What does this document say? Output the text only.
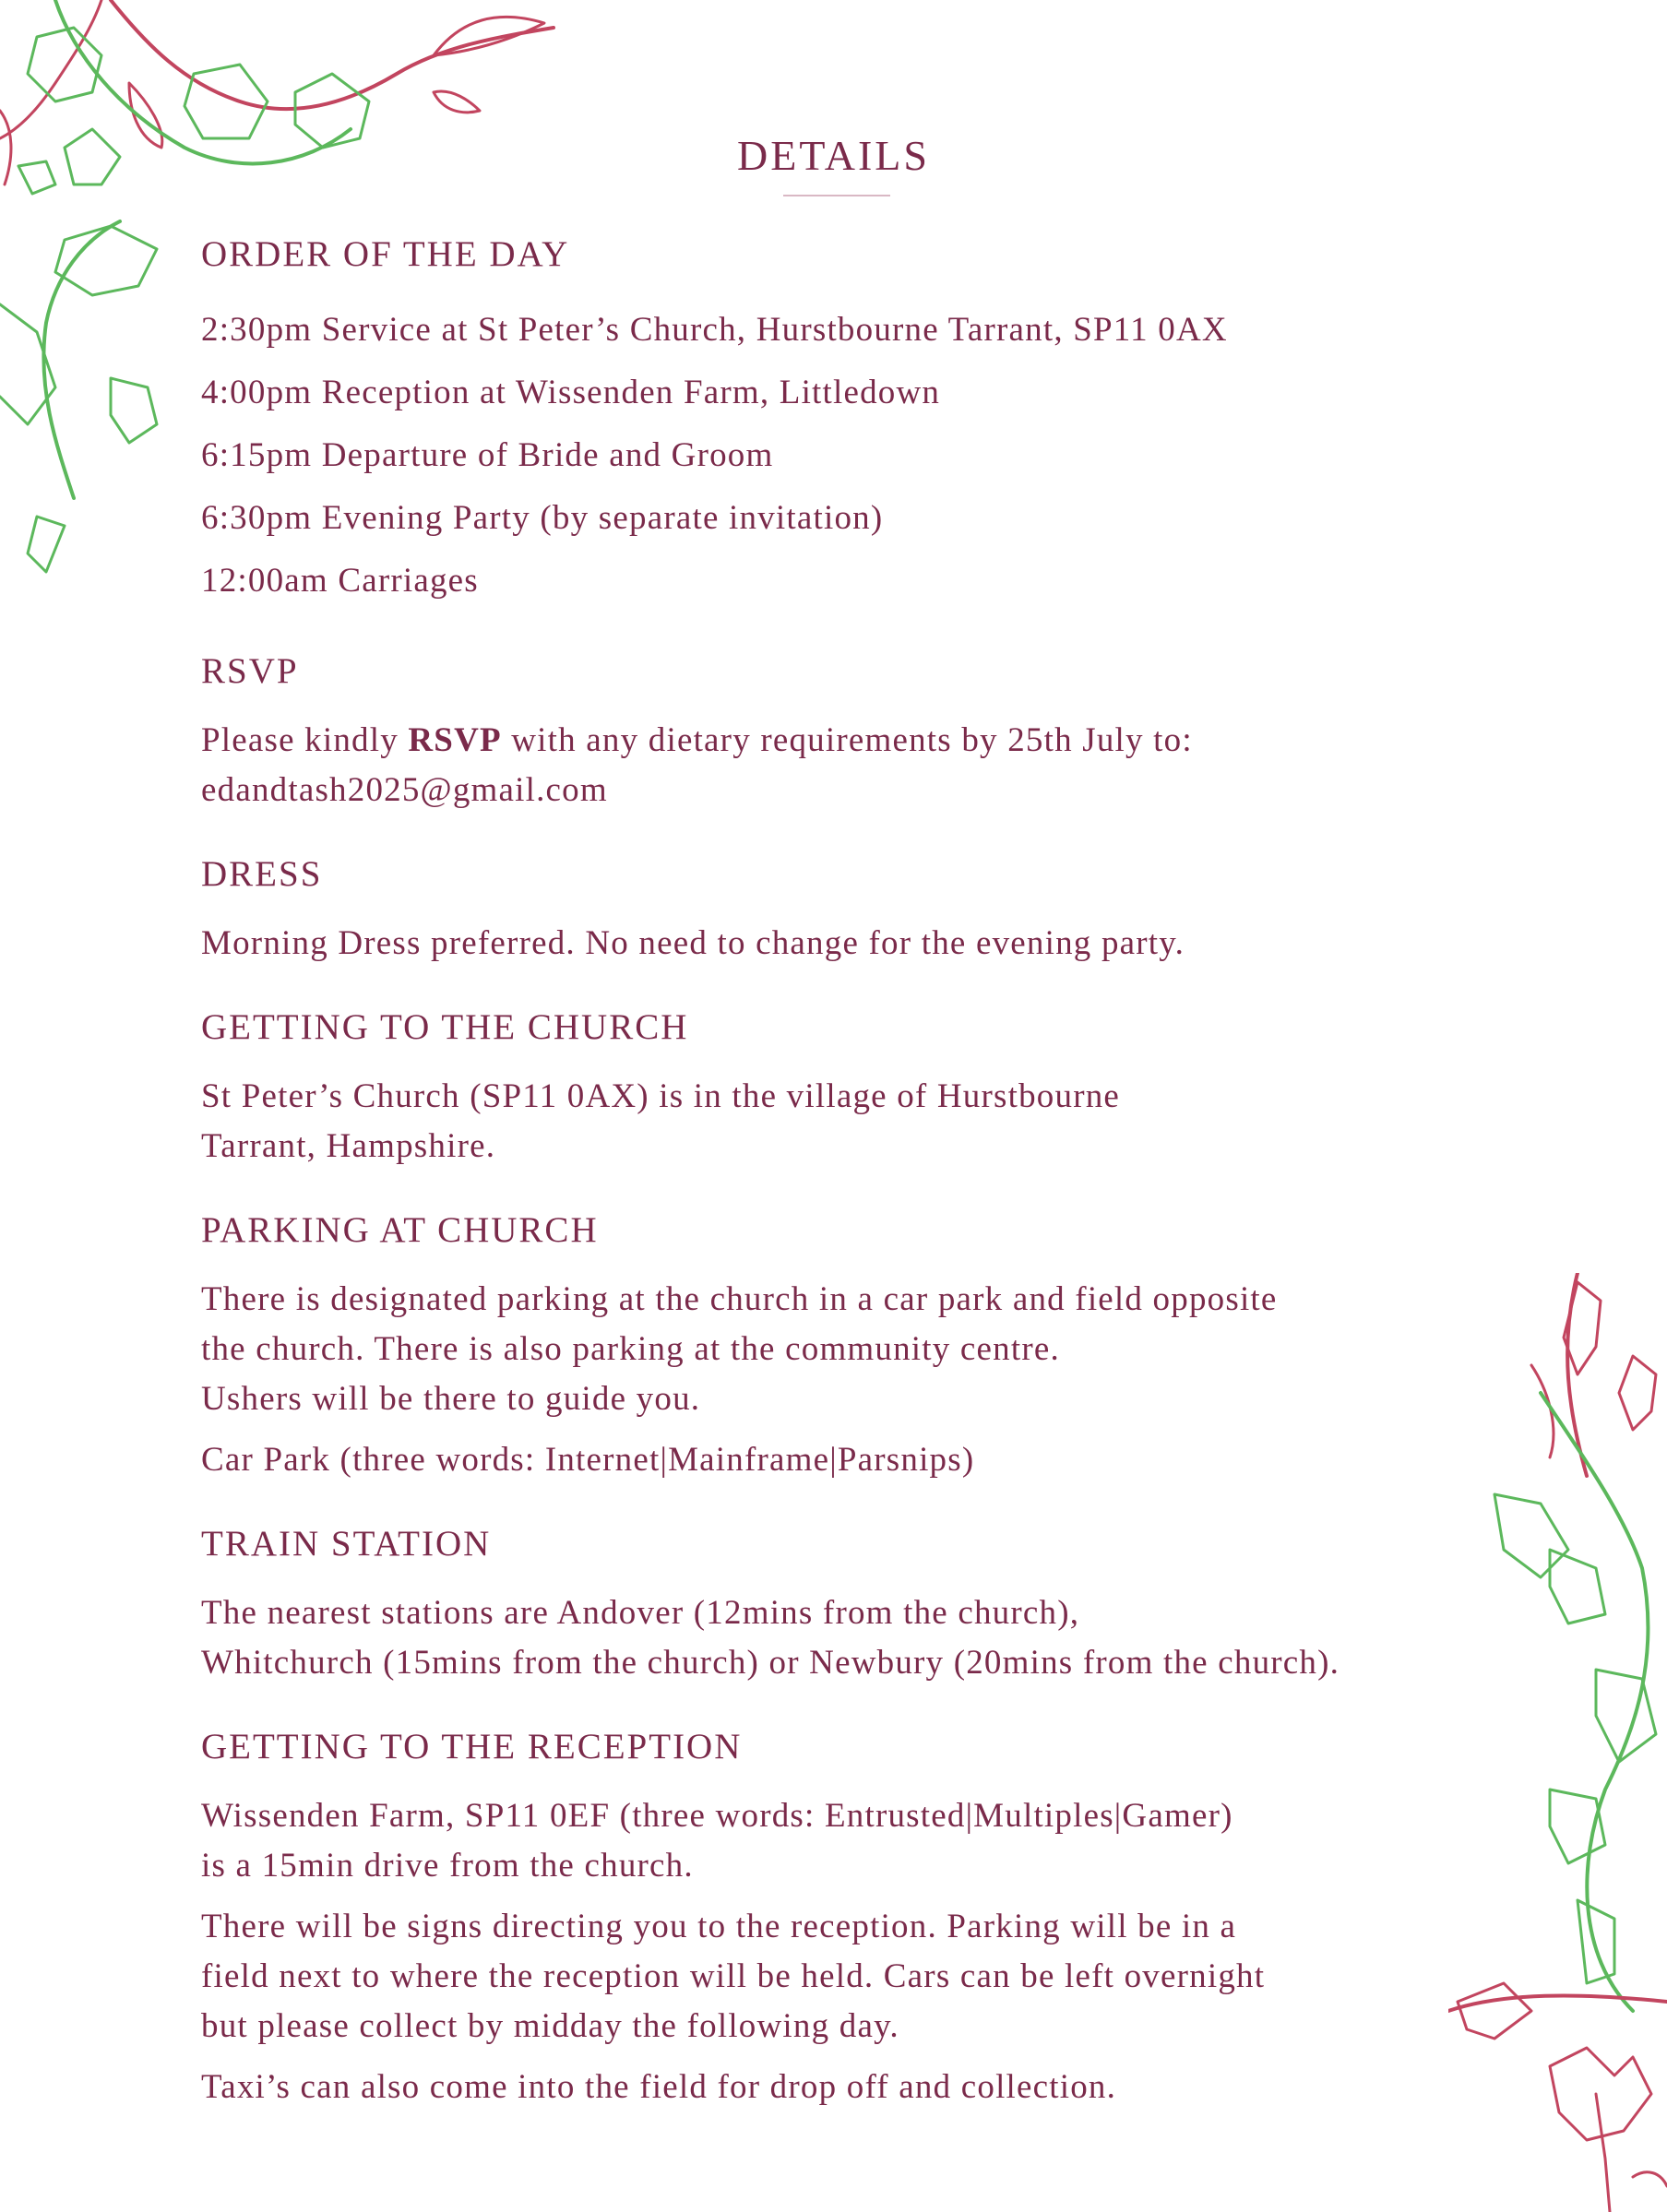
DETAILS
ORDER OF THE DAY

2:30pm Service at St Peter’s Church, Hurstbourne Tarrant, SP11 0AX

4:00pm Reception at Wissenden Farm, Littledown

6:15pm Departure of Bride and Groom

6:30pm Evening Party (by separate invitation)

12:00am Carriages

RSVP

Please kindly RSVP with any dietary requirements by 25th July to:

edandtash2025@gmail.com

DRESS

Morning Dress preferred. No need to change for the evening party.

GETTING TO THE CHURCH

St Peter’s Church (SP11 0AX) is in the village of Hurstbourne

Tarrant, Hampshire.

PARKING AT CHURCH

There is designated parking at the church in a car park and field opposite

the church. There is also parking at the community centre.

Ushers will be there to guide you.

Car Park (three words: Internet|Mainframe|Parsnips)

TRAIN STATION

The nearest stations are Andover (12mins from the church),

Whitchurch (15mins from the church) or Newbury (20mins from the church).

GETTING TO THE RECEPTION

Wissenden Farm, SP11 0EF (three words: Entrusted|Multiples|Gamer)

is a 15min drive from the church.

There will be signs directing you to the reception. Parking will be in a

field next to where the reception will be held. Cars can be left overnight

but please collect by midday the following day.

Taxi’s can also come into the field for drop off and collection.
